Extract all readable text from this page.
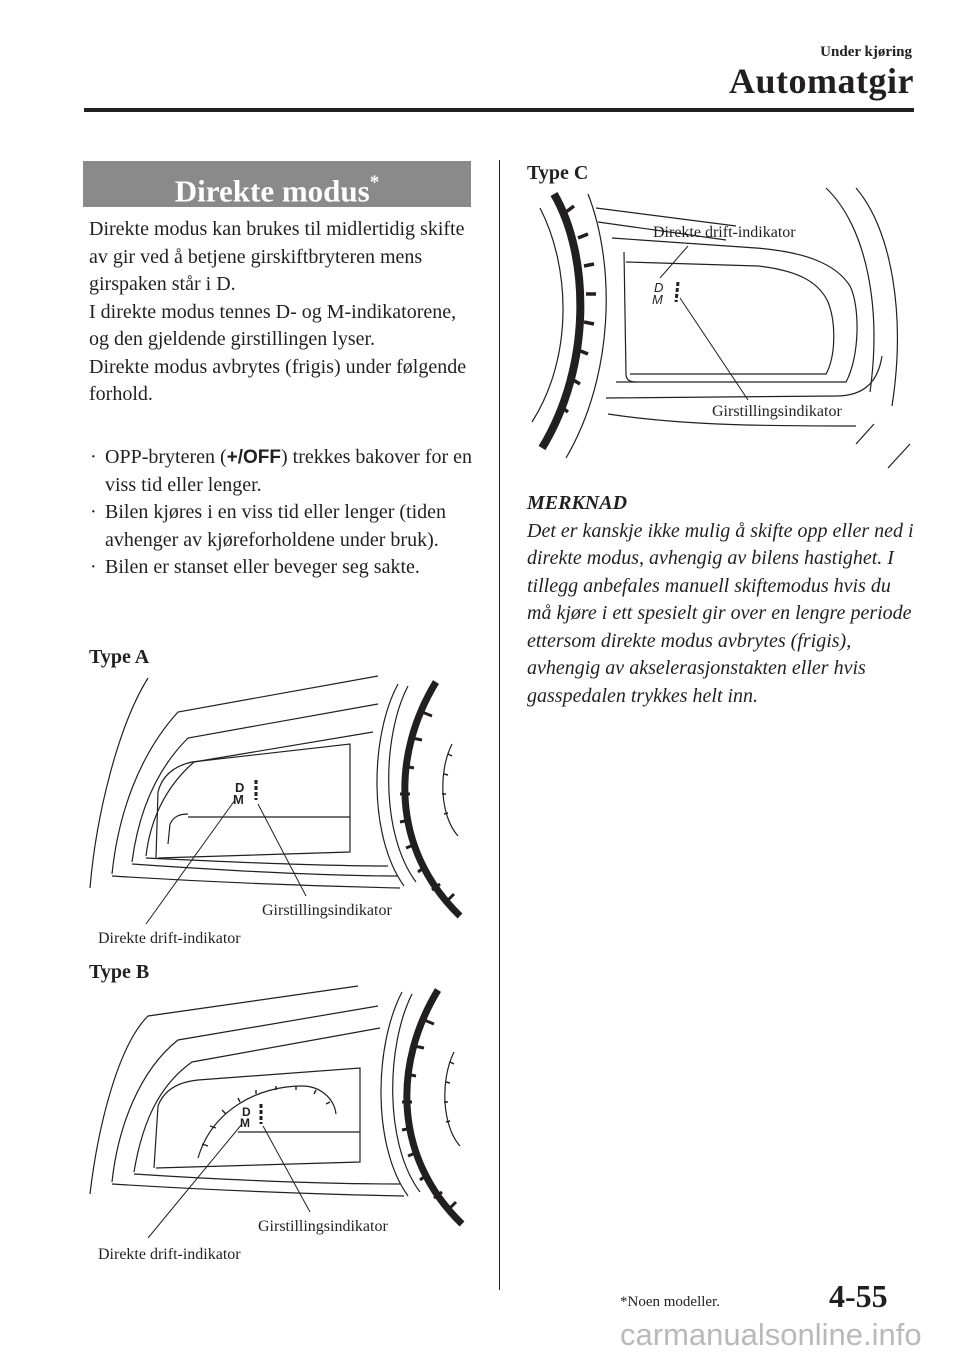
Under kjøring
Automatgir
Direkte modus*
Direkte modus kan brukes til midlertidig skifte av gir ved å betjene girskiftbryteren mens girspaken står i D.
I direkte modus tennes D- og M-indikatorene, og den gjeldende girstillingen lyser.
Direkte modus avbrytes (frigis) under følgende forhold.
· OPP-bryteren (+/OFF) trekkes bakover for en viss tid eller lenger.
· Bilen kjøres i en viss tid eller lenger (tiden avhenger av kjøreforholdene under bruk).
· Bilen er stanset eller beveger seg sakte.
Type A
D
M
Girstillingsindikator
Direkte drift-indikator
Type B
D
M
Girstillingsindikator
Direkte drift-indikator
Type C
D
M
Direkte drift-indikator
Girstillingsindikator
MERKNAD
Det er kanskje ikke mulig å skifte opp eller ned i direkte modus, avhengig av bilens hastighet. I tillegg anbefales manuell skiftemodus hvis du må kjøre i ett spesielt gir over en lengre periode ettersom direkte modus avbrytes (frigis), avhengig av akselerasjonstakten eller hvis gasspedalen trykkes helt inn.
*Noen modeller.	4-55
carmanualsonline.info
